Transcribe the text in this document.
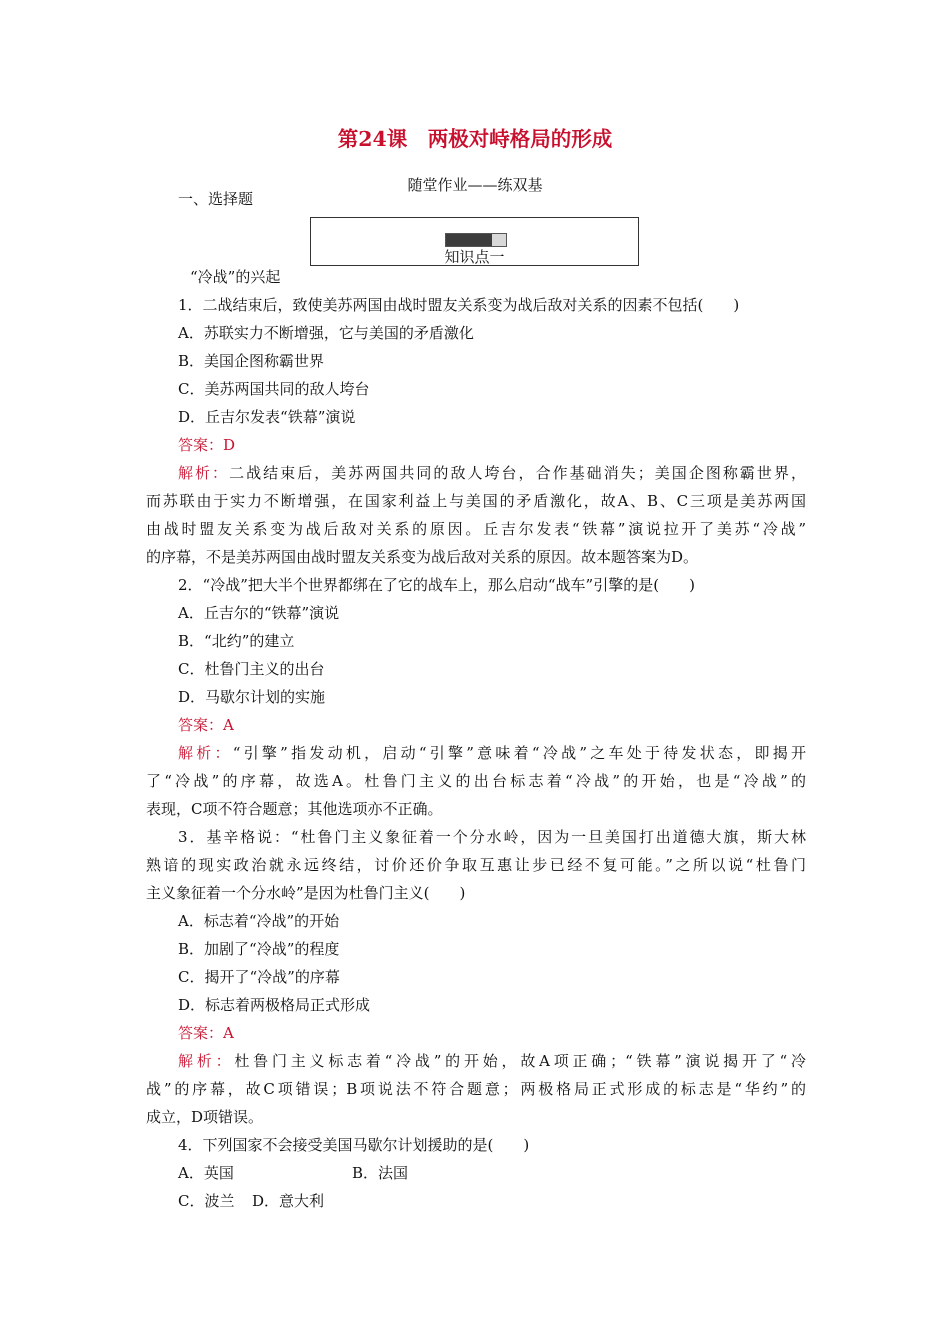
第24课　两极对峙格局的形成
随堂作业——练双基
一、选择题
知识点一
“冷战”的兴起
1．二战结束后，致使美苏两国由战时盟友关系变为战后敌对关系的因素不包括(　　)
A．苏联实力不断增强，它与美国的矛盾激化
B．美国企图称霸世界
C．美苏两国共同的敌人垮台
D．丘吉尔发表“铁幕”演说
答案：D
解析：二战结束后，美苏两国共同的敌人垮台，合作基础消失；美国企图称霸世界，
而苏联由于实力不断增强，在国家利益上与美国的矛盾激化，故A、B、C三项是美苏两国
由战时盟友关系变为战后敌对关系的原因。丘吉尔发表“铁幕”演说拉开了美苏“冷战”
的序幕，不是美苏两国由战时盟友关系变为战后敌对关系的原因。故本题答案为D。
2．“冷战”把大半个世界都绑在了它的战车上，那么启动“战车”引擎的是(　　)
A．丘吉尔的“铁幕”演说
B．“北约”的建立
C．杜鲁门主义的出台
D．马歇尔计划的实施
答案：A
解析：“引擎”指发动机，启动“引擎”意味着“冷战”之车处于待发状态，即揭开
了“冷战”的序幕，故选A。杜鲁门主义的出台标志着“冷战”的开始，也是“冷战”的
表现，C项不符合题意；其他选项亦不正确。
3．基辛格说：“杜鲁门主义象征着一个分水岭，因为一旦美国打出道德大旗，斯大林
熟谙的现实政治就永远终结，讨价还价争取互惠让步已经不复可能。”之所以说“杜鲁门
主义象征着一个分水岭”是因为杜鲁门主义(　　)
A．标志着“冷战”的开始
B．加剧了“冷战”的程度
C．揭开了“冷战”的序幕
D．标志着两极格局正式形成
答案：A
解析：杜鲁门主义标志着“冷战”的开始，故A项正确；“铁幕”演说揭开了“冷
战”的序幕，故C项错误；B项说法不符合题意；两极格局正式形成的标志是“华约”的
成立，D项错误。
4．下列国家不会接受美国马歇尔计划援助的是(　　)
A．英国	B．法国
C．波兰 D．意大利
